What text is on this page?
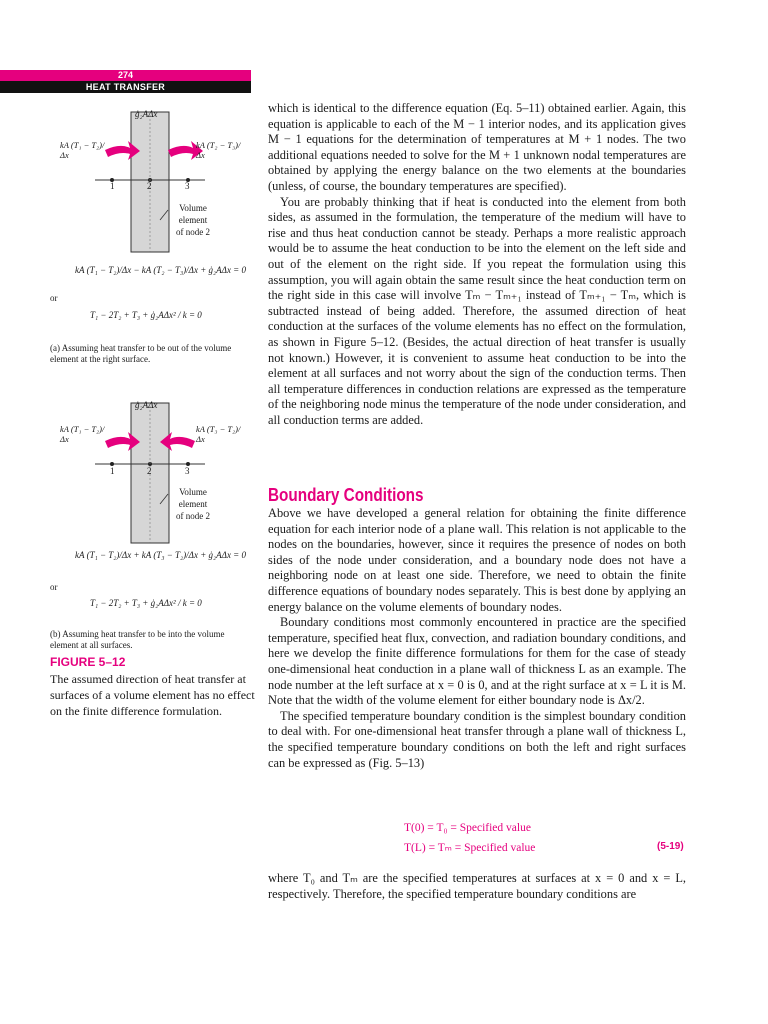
274
HEAT TRANSFER
ġ₂AΔx
kA (T₁ − T₂)/Δx
kA (T₂ − T₃)/Δx
1	2	3
Volume
element
of node 2
kA (T₁ − T₂)/Δx − kA (T₂ − T₃)/Δx + ġ₂AΔx = 0
or
T₁ − 2T₂ + T₃ + ġ₂AΔx² / k = 0
(a) Assuming heat transfer to be out of the volume element at the right surface.
ġ₂AΔx
kA (T₁ − T₂)/Δx
kA (T₃ − T₂)/Δx
1	2	3
Volume
element
of node 2
kA (T₁ − T₂)/Δx + kA (T₃ − T₂)/Δx + ġ₂AΔx = 0
or
T₁ − 2T₂ + T₃ + ġ₂AΔx² / k = 0
(b) Assuming heat transfer to be into the volume element at all surfaces.
FIGURE 5–12
The assumed direction of heat transfer at surfaces of a volume element has no effect on the finite difference formulation.

which is identical to the difference equation (Eq. 5–11) obtained earlier. Again, this equation is applicable to each of the M − 1 interior nodes, and its application gives M − 1 equations for the determination of temperatures at M + 1 nodes. The two additional equations needed to solve for the M + 1 unknown nodal temperatures are obtained by applying the energy balance on the two elements at the boundaries (unless, of course, the boundary temperatures are specified).

You are probably thinking that if heat is conducted into the element from both sides, as assumed in the formulation, the temperature of the medium will have to rise and thus heat conduction cannot be steady. Perhaps a more realistic approach would be to assume the heat conduction to be into the element on the left side and out of the element on the right side. If you repeat the formulation using this assumption, you will again obtain the same result since the heat conduction term on the right side in this case will involve Tₘ − Tₘ₊₁ instead of Tₘ₊₁ − Tₘ, which is subtracted instead of being added. Therefore, the assumed direction of heat conduction at the surfaces of the volume elements has no effect on the formulation, as shown in Figure 5–12. (Besides, the actual direction of heat transfer is usually not known.) However, it is convenient to assume heat conduction to be into the element at all surfaces and not worry about the sign of the conduction terms. Then all temperature differences in conduction relations are expressed as the temperature of the neighboring node minus the temperature of the node under consideration, and all conduction terms are added.

Boundary Conditions

Above we have developed a general relation for obtaining the finite difference equation for each interior node of a plane wall. This relation is not applicable to the nodes on the boundaries, however, since it requires the presence of nodes on both sides of the node under consideration, and a boundary node does not have a neighboring node on at least one side. Therefore, we need to obtain the finite difference equations of boundary nodes separately. This is best done by applying an energy balance on the volume elements of boundary nodes.

Boundary conditions most commonly encountered in practice are the specified temperature, specified heat flux, convection, and radiation boundary conditions, and here we develop the finite difference formulations for them for the case of steady one-dimensional heat conduction in a plane wall of thickness L as an example. The node number at the left surface at x = 0 is 0, and at the right surface at x = L it is M. Note that the width of the volume element for either boundary node is Δx/2.

The specified temperature boundary condition is the simplest boundary condition to deal with. For one-dimensional heat transfer through a plane wall of thickness L, the specified temperature boundary conditions on both the left and right surfaces can be expressed as (Fig. 5–13)

T(0) = T₀ = Specified value
T(L) = Tₘ = Specified value	(5-19)

where T₀ and Tₘ are the specified temperatures at surfaces at x = 0 and x = L, respectively. Therefore, the specified temperature boundary conditions are
